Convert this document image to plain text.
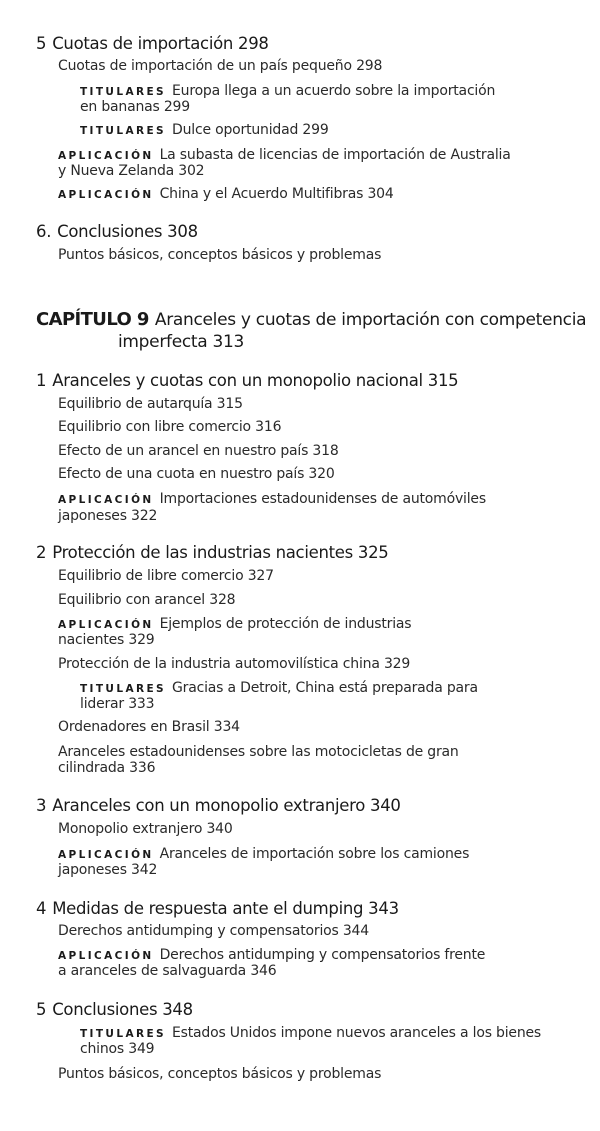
5 Cuotas de importación 298
Cuotas de importación de un país pequeño 298
TITULARES Europa llega a un acuerdo sobre la importación
en bananas 299
TITULARES Dulce oportunidad 299
APLICACIÓN La subasta de licencias de importación de Australia
y Nueva Zelanda 302
APLICACIÓN China y el Acuerdo Multifibras 304
6. Conclusiones 308
Puntos básicos, conceptos básicos y problemas
CAPÍTULO 9 Aranceles y cuotas de importación con competencia
imperfecta 313
1 Aranceles y cuotas con un monopolio nacional 315
Equilibrio de autarquía 315
Equilibrio con libre comercio 316
Efecto de un arancel en nuestro país 318
Efecto de una cuota en nuestro país 320
APLICACIÓN Importaciones estadounidenses de automóviles
japoneses 322
2 Protección de las industrias nacientes 325
Equilibrio de libre comercio 327
Equilibrio con arancel 328
APLICACIÓN Ejemplos de protección de industrias
nacientes 329
Protección de la industria automovilística china 329
TITULARES Gracias a Detroit, China está preparada para
liderar 333
Ordenadores en Brasil 334
Aranceles estadounidenses sobre las motocicletas de gran
cilindrada 336
3 Aranceles con un monopolio extranjero 340
Monopolio extranjero 340
APLICACIÓN Aranceles de importación sobre los camiones
japoneses 342
4 Medidas de respuesta ante el dumping 343
Derechos antidumping y compensatorios 344
APLICACIÓN Derechos antidumping y compensatorios frente
a aranceles de salvaguarda 346
5 Conclusiones 348
TITULARES Estados Unidos impone nuevos aranceles a los bienes
chinos 349
Puntos básicos, conceptos básicos y problemas
